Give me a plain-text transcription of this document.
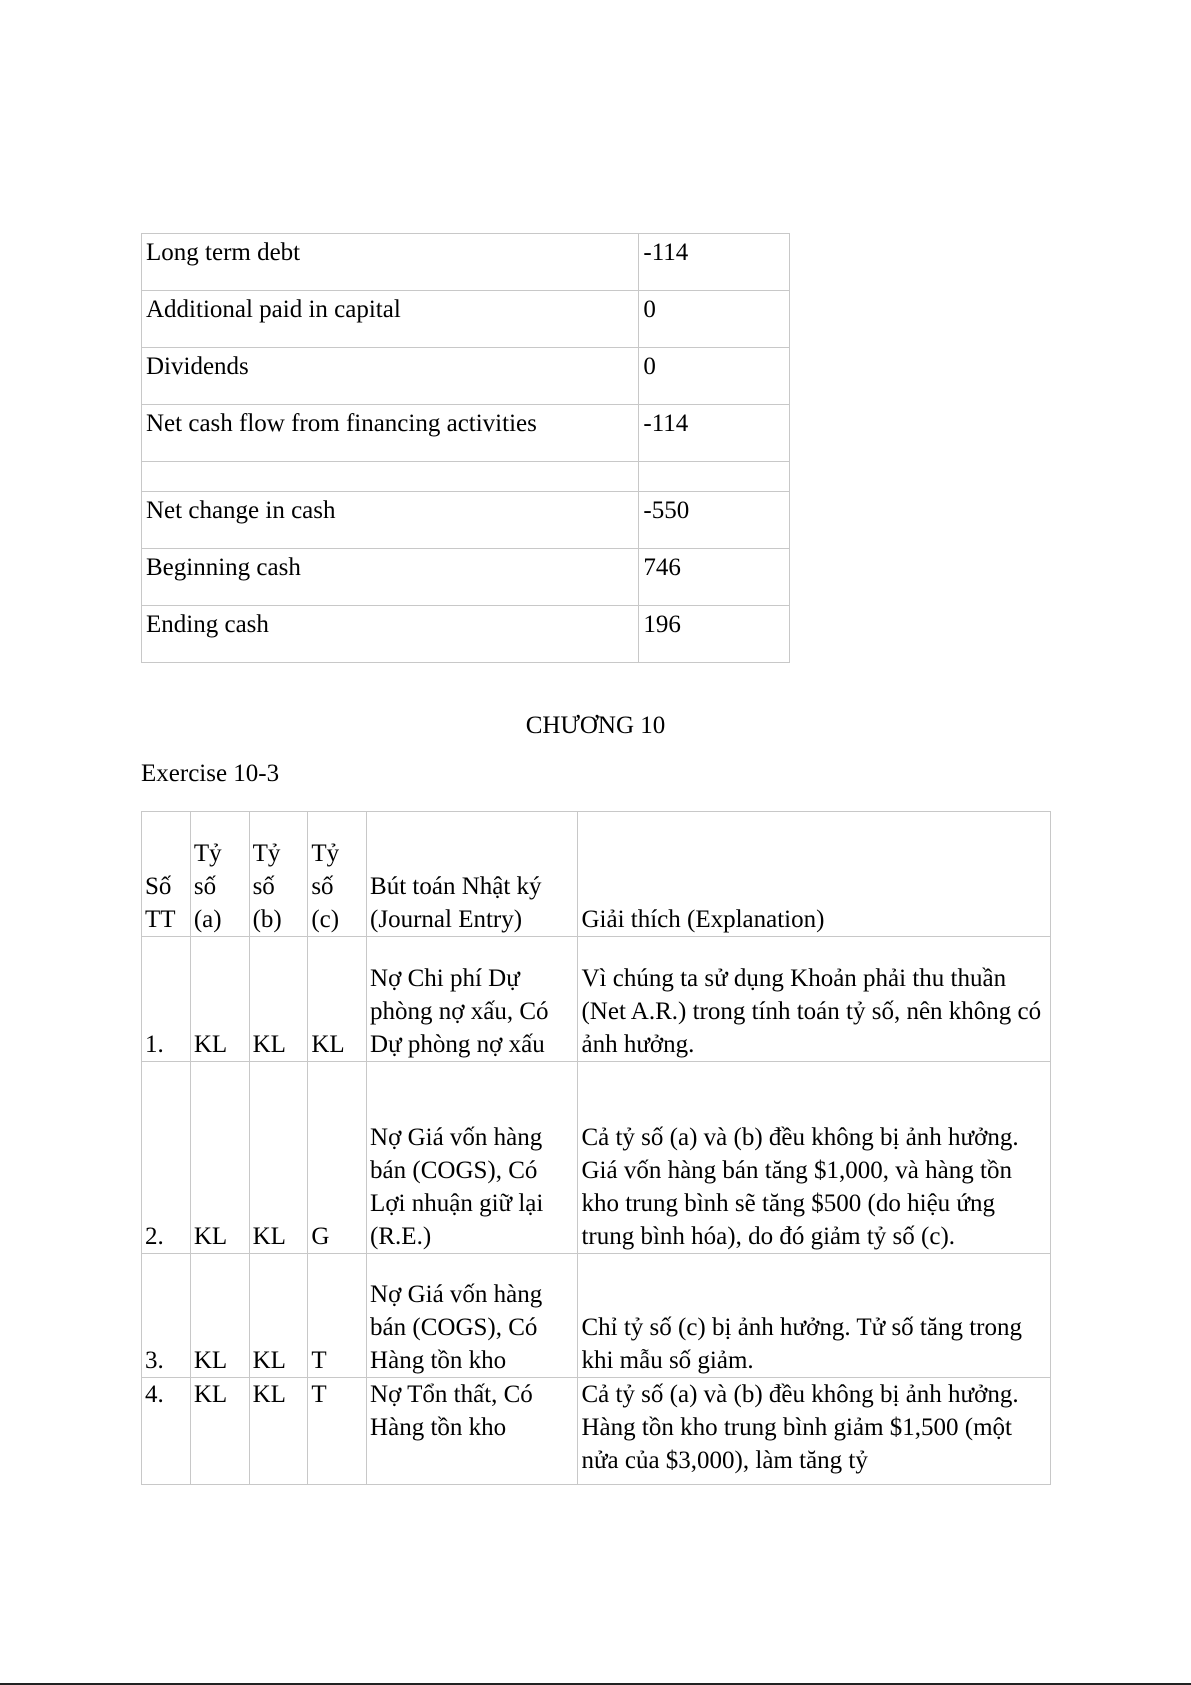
Long term debt	-114

Additional paid in capital	0

Dividends	0

Net cash flow from financing activities	-114

Net change in cash	-550

Beginning cash	746

Ending cash	196
CHƯƠNG 10
Exercise 10-3
Số TT	Tỷ số (a)	Tỷ số (b)	Tỷ số (c)	Bút toán Nhật ký (Journal Entry)	Giải thích (Explanation)
1.	KL	KL	KL	Nợ Chi phí Dự phòng nợ xấu, Có Dự phòng nợ xấu	Vì chúng ta sử dụng Khoản phải thu thuần (Net A.R.) trong tính toán tỷ số, nên không có ảnh hưởng.
2.	KL	KL	G	Nợ Giá vốn hàng bán (COGS), Có Lợi nhuận giữ lại (R.E.)	Cả tỷ số (a) và (b) đều không bị ảnh hưởng. Giá vốn hàng bán tăng $1,000, và hàng tồn kho trung bình sẽ tăng $500 (do hiệu ứng trung bình hóa), do đó giảm tỷ số (c).
3.	KL	KL	T	Nợ Giá vốn hàng bán (COGS), Có Hàng tồn kho	Chỉ tỷ số (c) bị ảnh hưởng. Tử số tăng trong khi mẫu số giảm.
4.	KL	KL	T	Nợ Tổn thất, Có Hàng tồn kho	Cả tỷ số (a) và (b) đều không bị ảnh hưởng. Hàng tồn kho trung bình giảm $1,500 (một nửa của $3,000), làm tăng tỷ
